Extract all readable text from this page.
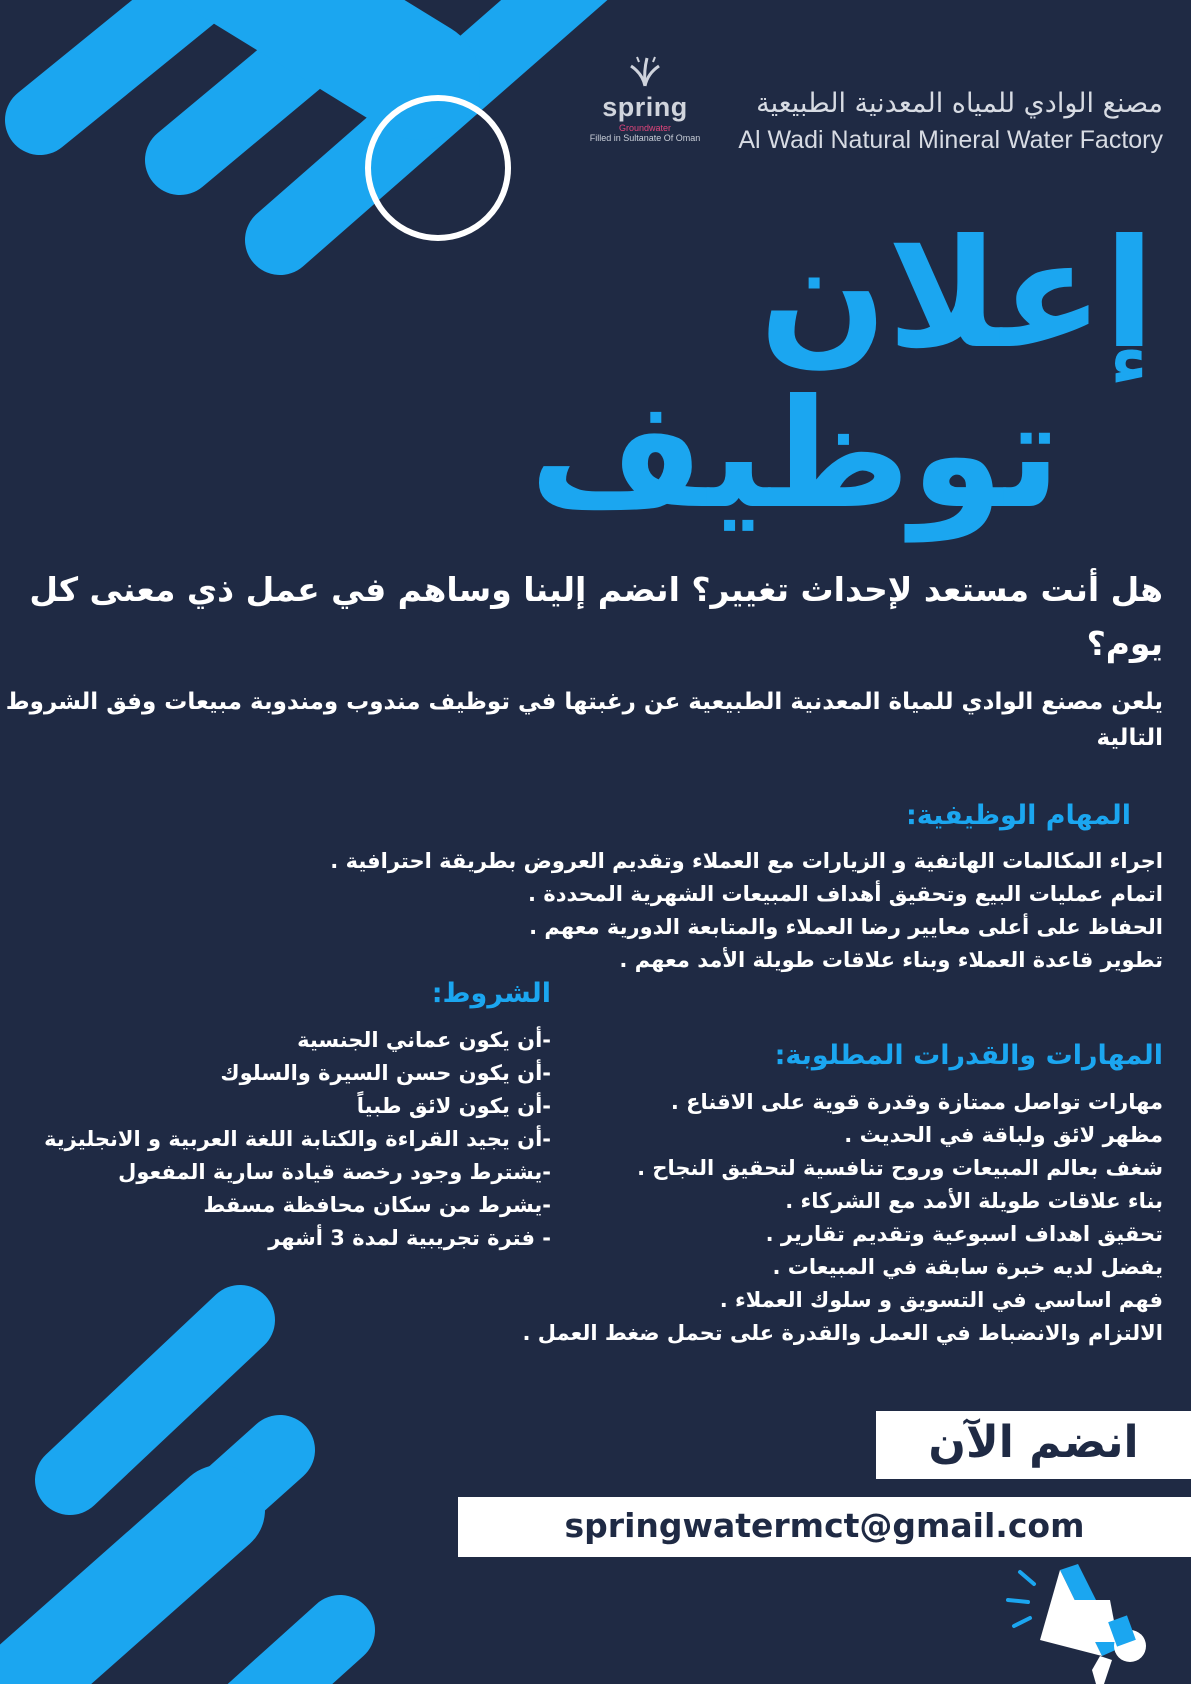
spring
Groundwater
Filled in Sultanate Of Oman
مصنع الوادي للمياه المعدنية الطبيعية
Al Wadi Natural Mineral Water Factory
إعلان
توظيف
هل أنت مستعد لإحداث تغيير؟ انضم إلينا وساهم في عمل ذي معنى كل يوم؟
يلعن مصنع الوادي للمياة المعدنية الطبيعية عن رغبتها في توظيف مندوب ومندوبة مبيعات وفق الشروط التالية
المهام الوظيفية:
اجراء المكالمات الهاتفية و الزيارات مع العملاء وتقديم العروض بطريقة احترافية .
اتمام عمليات البيع وتحقيق أهداف المبيعات الشهرية المحددة .
الحفاظ على أعلى معايير رضا العملاء والمتابعة الدورية معهم .
تطوير قاعدة العملاء وبناء علاقات طويلة الأمد معهم .
الشروط:
-أن يكون عماني الجنسية
-أن يكون حسن السيرة والسلوك
-أن يكون لائق طبياً
-أن يجيد القراءة والكتابة اللغة العربية و الانجليزية
-يشترط وجود رخصة قيادة سارية المفعول
-يشرط من سكان محافظة مسقط
- فترة تجريبية لمدة 3 أشهر
المهارات والقدرات المطلوبة:
مهارات تواصل ممتازة وقدرة قوية على الاقناع .
مظهر لائق ولباقة في الحديث .
شغف بعالم المبيعات وروح تنافسية لتحقيق النجاح .
بناء علاقات طويلة الأمد مع الشركاء .
تحقيق اهداف اسبوعية وتقديم تقارير .
يفضل لديه خبرة سابقة في المبيعات .
فهم اساسي في التسويق و سلوك العملاء .
الالتزام والانضباط في العمل والقدرة على تحمل ضغط العمل .
انضم الآن
springwatermct@gmail.com
